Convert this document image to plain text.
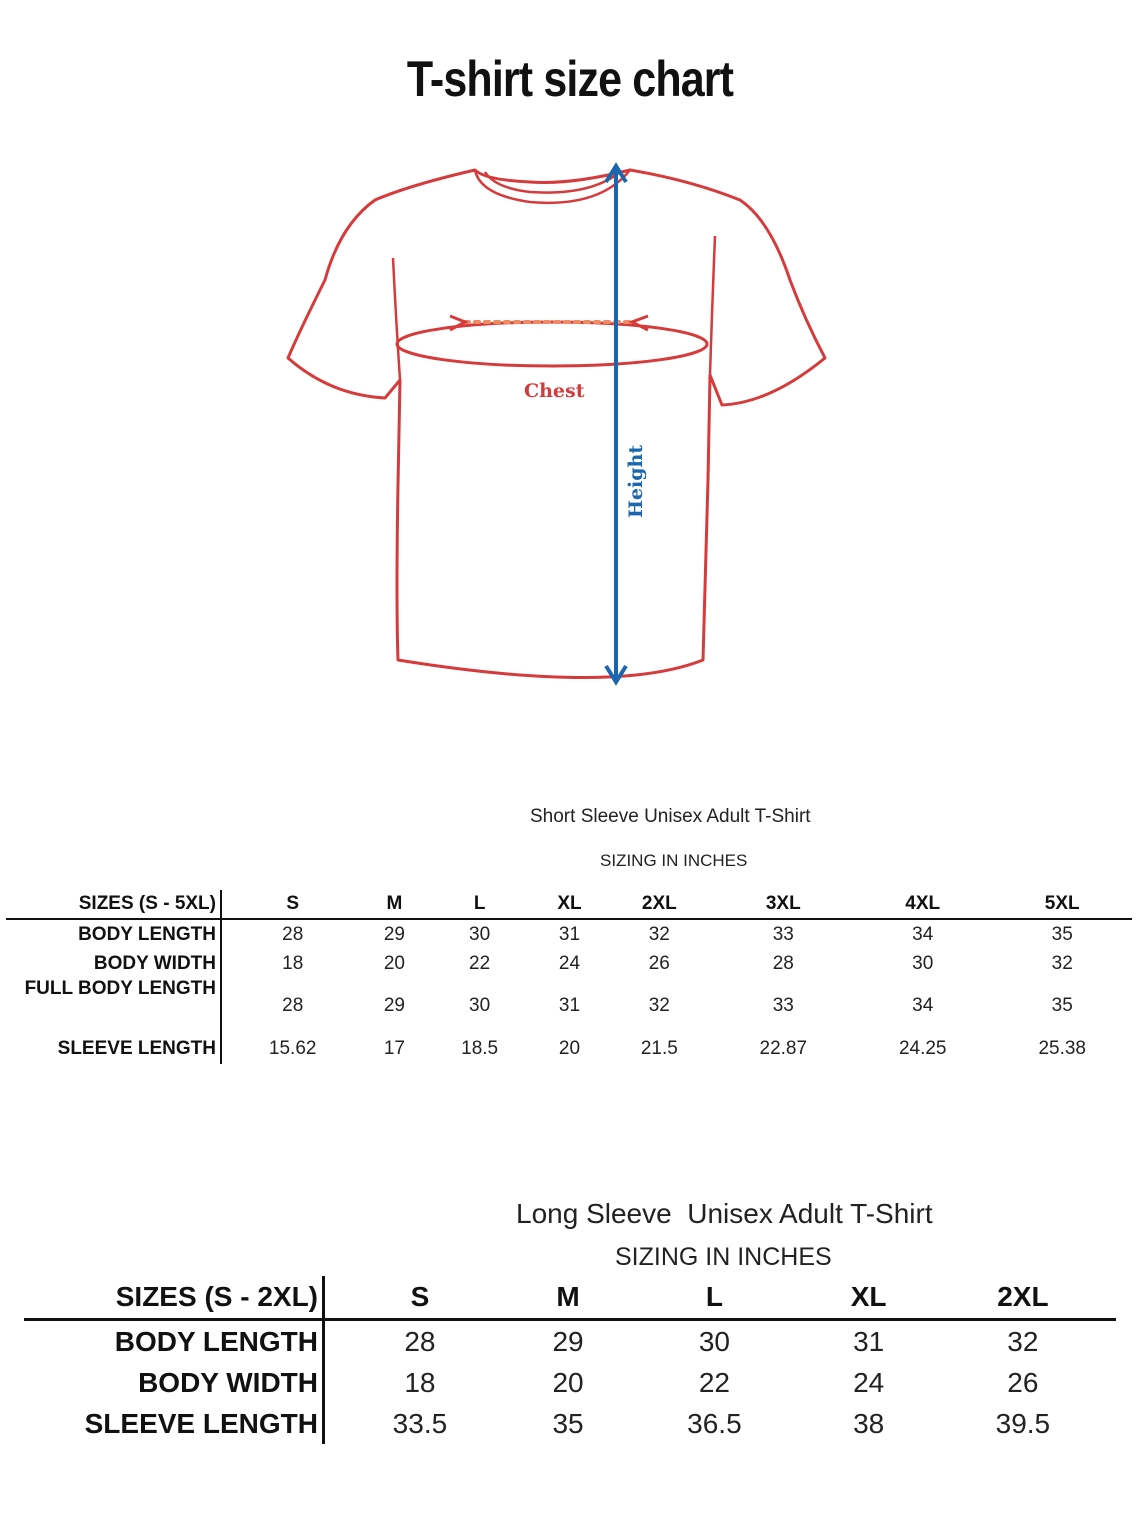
T-shirt size chart
Chest
Height
Short Sleeve Unisex Adult T-Shirt
SIZING IN INCHES
SIZES (S - 5XL)	S	M	L	XL	2XL	3XL	4XL	5XL
BODY LENGTH	28	29	30	31	32	33	34	35
BODY WIDTH	18	20	22	24	26	28	30	32
FULL BODY LENGTH	28	29	30	31	32	33	34	35
SLEEVE LENGTH	15.62	17	18.5	20	21.5	22.87	24.25	25.38
Long Sleeve  Unisex Adult T-Shirt
SIZING IN INCHES
SIZES (S - 2XL)	S	M	L	XL	2XL
BODY LENGTH	28	29	30	31	32
BODY WIDTH	18	20	22	24	26
SLEEVE LENGTH	33.5	35	36.5	38	39.5
